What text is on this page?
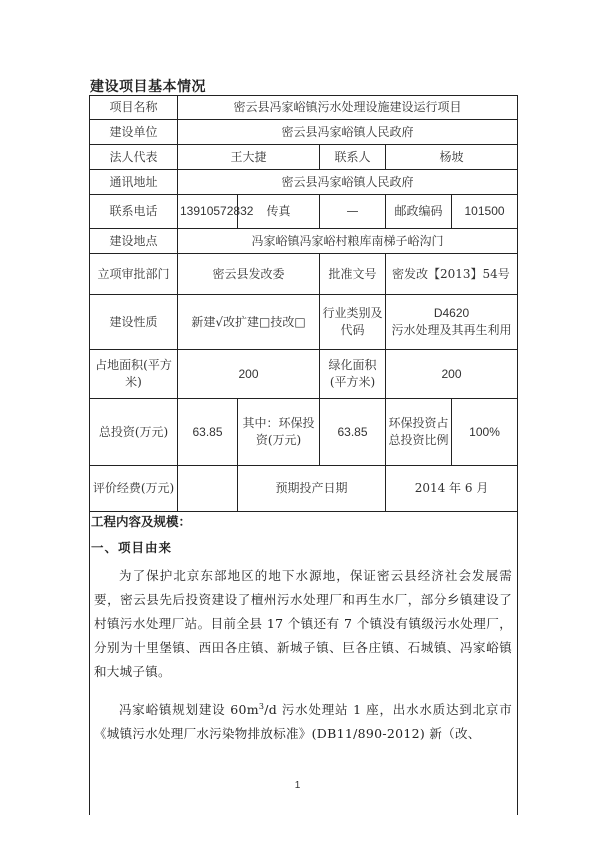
建设项目基本情况
项目名称	密云县冯家峪镇污水处理设施建设运行项目				
建设单位	密云县冯家峪镇人民政府				
法人代表	王大捷		联系人	杨坡	
通讯地址	密云县冯家峪镇人民政府				
联系电话	13910572832	传真	—	邮政编码	101500
建设地点	冯家峪镇冯家峪村粮库南梯子峪沟门				
立项审批部门	密云县发改委		批准文号	密发改【2013】54号	
建设性质	新建√改扩建□技改□		行业类别及代码	D4620
污水处理及其再生利用	

占地面积(平方米)	200		绿化面积(平方米)	200	
总投资(万元)	63.85	其中：环保投资(万元)	63.85	环保投资占总投资比例	100%
评价经费(万元)		预期投产日期		2014 年 6 月	
工程内容及规模：
一、项目由来
为了保护北京东部地区的地下水源地，保证密云县经济社会发展需要，密云县先后投资建设了檀州污水处理厂和再生水厂，部分乡镇建设了村镇污水处理厂站。目前全县 17 个镇还有 7 个镇没有镇级污水处理厂，分别为十里堡镇、西田各庄镇、新城子镇、巨各庄镇、石城镇、冯家峪镇和大城子镇。
冯家峪镇规划建设 $60m^3/d$ 污水处理站 1 座，出水水质达到北京市《城镇污水处理厂水污染物排放标准》(DB11/890-2012) 新（改、
1
